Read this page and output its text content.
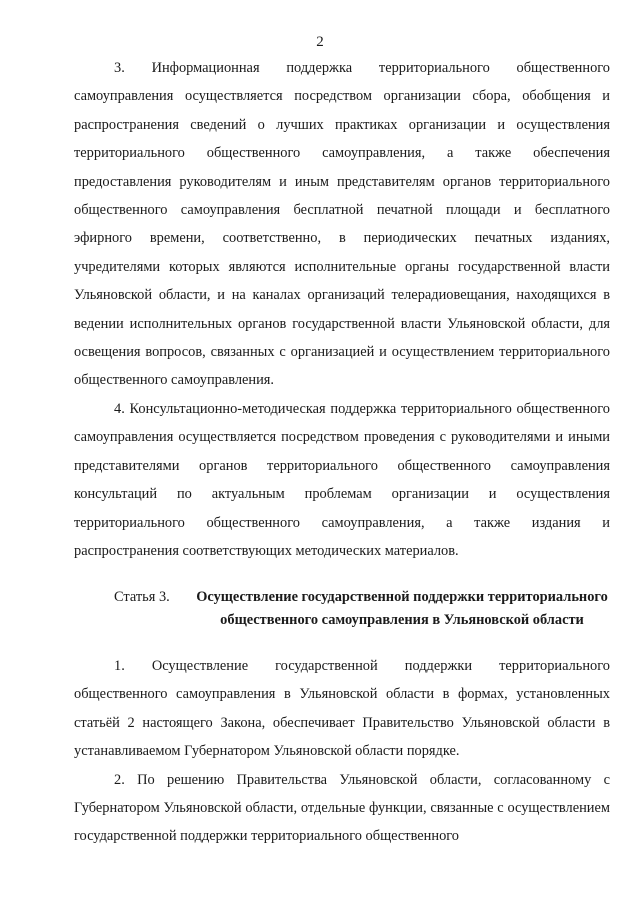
2

3. Информационная поддержка территориального общественного самоуправления осуществляется посредством организации сбора, обобщения и распространения сведений о лучших практиках организации и осуществления территориального общественного самоуправления, а также обеспечения предоставления руководителям и иным представителям органов территориального общественного самоуправления бесплатной печатной площади и бесплатного эфирного времени, соответственно, в периодических печатных изданиях, учредителями которых являются исполнительные органы государственной власти Ульяновской области, и на каналах организаций телерадиовещания, находящихся в ведении исполнительных органов государственной власти Ульяновской области, для освещения вопросов, связанных с организацией и осуществлением территориального общественного самоуправления.

4. Консультационно-методическая поддержка территориального общественного самоуправления осуществляется посредством проведения с руководителями и иными представителями органов территориального общественного самоуправления консультаций по актуальным проблемам организации и осуществления территориального общественного самоуправления, а также издания и распространения соответствующих методических материалов.

Статья 3.	Осуществление государственной поддержки территориального общественного самоуправления в Ульяновской области

1. Осуществление государственной поддержки территориального общественного самоуправления в Ульяновской области в формах, установленных статьёй 2 настоящего Закона, обеспечивает Правительство Ульяновской области в устанавливаемом Губернатором Ульяновской области порядке.

2. По решению Правительства Ульяновской области, согласованному с Губернатором Ульяновской области, отдельные функции, связанные с осуществлением государственной поддержки территориального общественного
